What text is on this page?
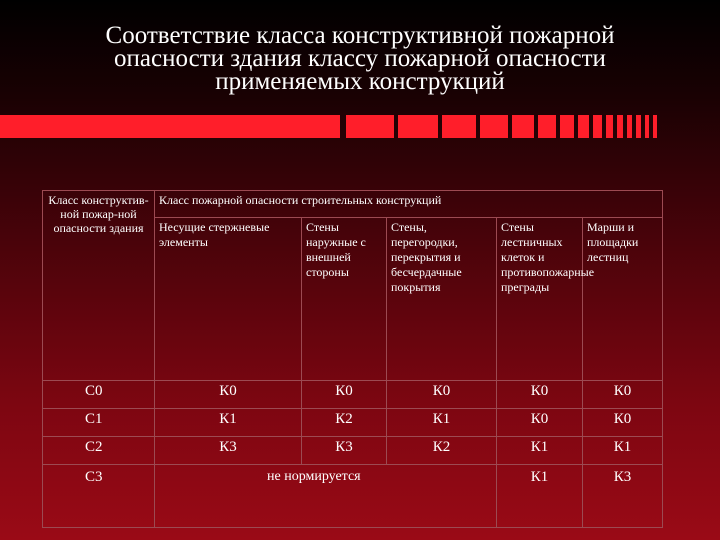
Соответствие класса конструктивной пожарной
опасности здания классу пожарной опасности
применяемых конструкций
Класс конструктив-ной пожар-ной опасности здания	Класс пожарной опасности строительных конструкций				
	Несущие стержневые элементы	Стены наружные с внешней стороны	Стены, перегородки, перекрытия и бесчердачные покрытия	Стены лестничных клеток и противопожарные преграды	Марши и площадки лестниц
С0	К0	К0	К0	К0	К0
С1	К1	К2	К1	К0	К0
С2	К3	К3	К2	К1	К1
С3	не нормируется			К1	К3
